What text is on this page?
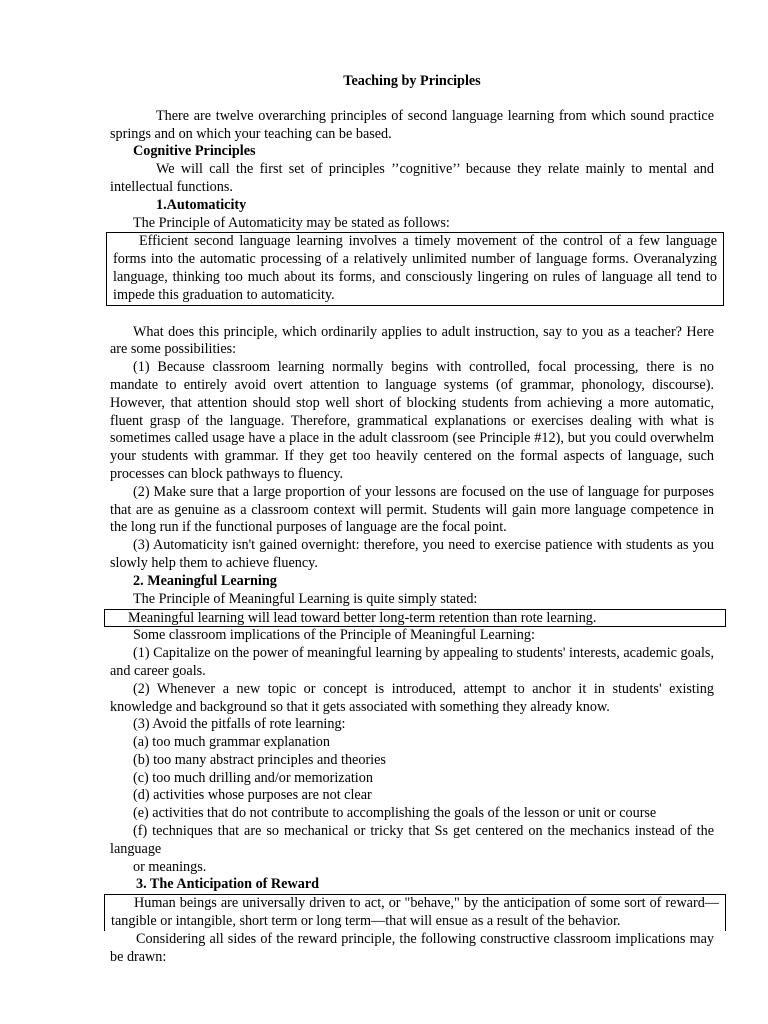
Teaching by Principles

There are twelve overarching principles of second language learning from which sound practice springs and on which your teaching can be based.

Cognitive Principles

We will call the first set of principles ’’cognitive’’ because they relate mainly to mental and intellectual functions.

1.Automaticity
The Principle of Automaticity may be stated as follows:

Efficient second language learning involves a timely movement of the control of a few language forms into the automatic processing of a relatively unlimited number of language forms. Overanalyzing language, thinking too much about its forms, and consciously lingering on rules of language all tend to impede this graduation to automaticity.

What does this principle, which ordinarily applies to adult instruction, say to you as a teacher? Here are some possibilities:

(1) Because classroom learning normally begins with controlled, focal processing, there is no mandate to entirely avoid overt attention to language systems (of grammar, phonology, discourse). However, that attention should stop well short of blocking students from achieving a more automatic, fluent grasp of the language. Therefore, grammatical explanations or exercises dealing with what is sometimes called usage have a place in the adult classroom (see Principle #12), but you could overwhelm your students with grammar. If they get too heavily centered on the formal aspects of language, such processes can block pathways to fluency.

(2) Make sure that a large proportion of your lessons are focused on the use of language for purposes that are as genuine as a classroom context will permit. Students will gain more language competence in the long run if the functional purposes of language are the focal point.

(3) Automaticity isn't gained overnight: therefore, you need to exercise patience with students as you slowly help them to achieve fluency.

2. Meaningful Learning
The Principle of Meaningful Learning is quite simply stated:
Meaningful learning will lead toward better long-term retention than rote learning.
Some classroom implications of the Principle of Meaningful Learning:

(1) Capitalize on the power of meaningful learning by appealing to students' interests, academic goals, and career goals.

(2) Whenever a new topic or concept is introduced, attempt to anchor it in students' existing knowledge and background so that it gets associated with something they already know.

(3) Avoid the pitfalls of rote learning:
(a) too much grammar explanation
(b) too many abstract principles and theories
(c) too much drilling and/or memorization
(d) activities whose purposes are not clear
(e) activities that do not contribute to accomplishing the goals of the lesson or unit or course

(f) techniques that are so mechanical or tricky that Ss get centered on the mechanics instead of the language

or meanings.
3. The Anticipation of Reward

Human beings are universally driven to act, or "behave," by the anticipation of some sort of reward—tangible or intangible, short term or long term—that will ensue as a result of the behavior.

Considering all sides of the reward principle, the following constructive classroom implications may be drawn:
